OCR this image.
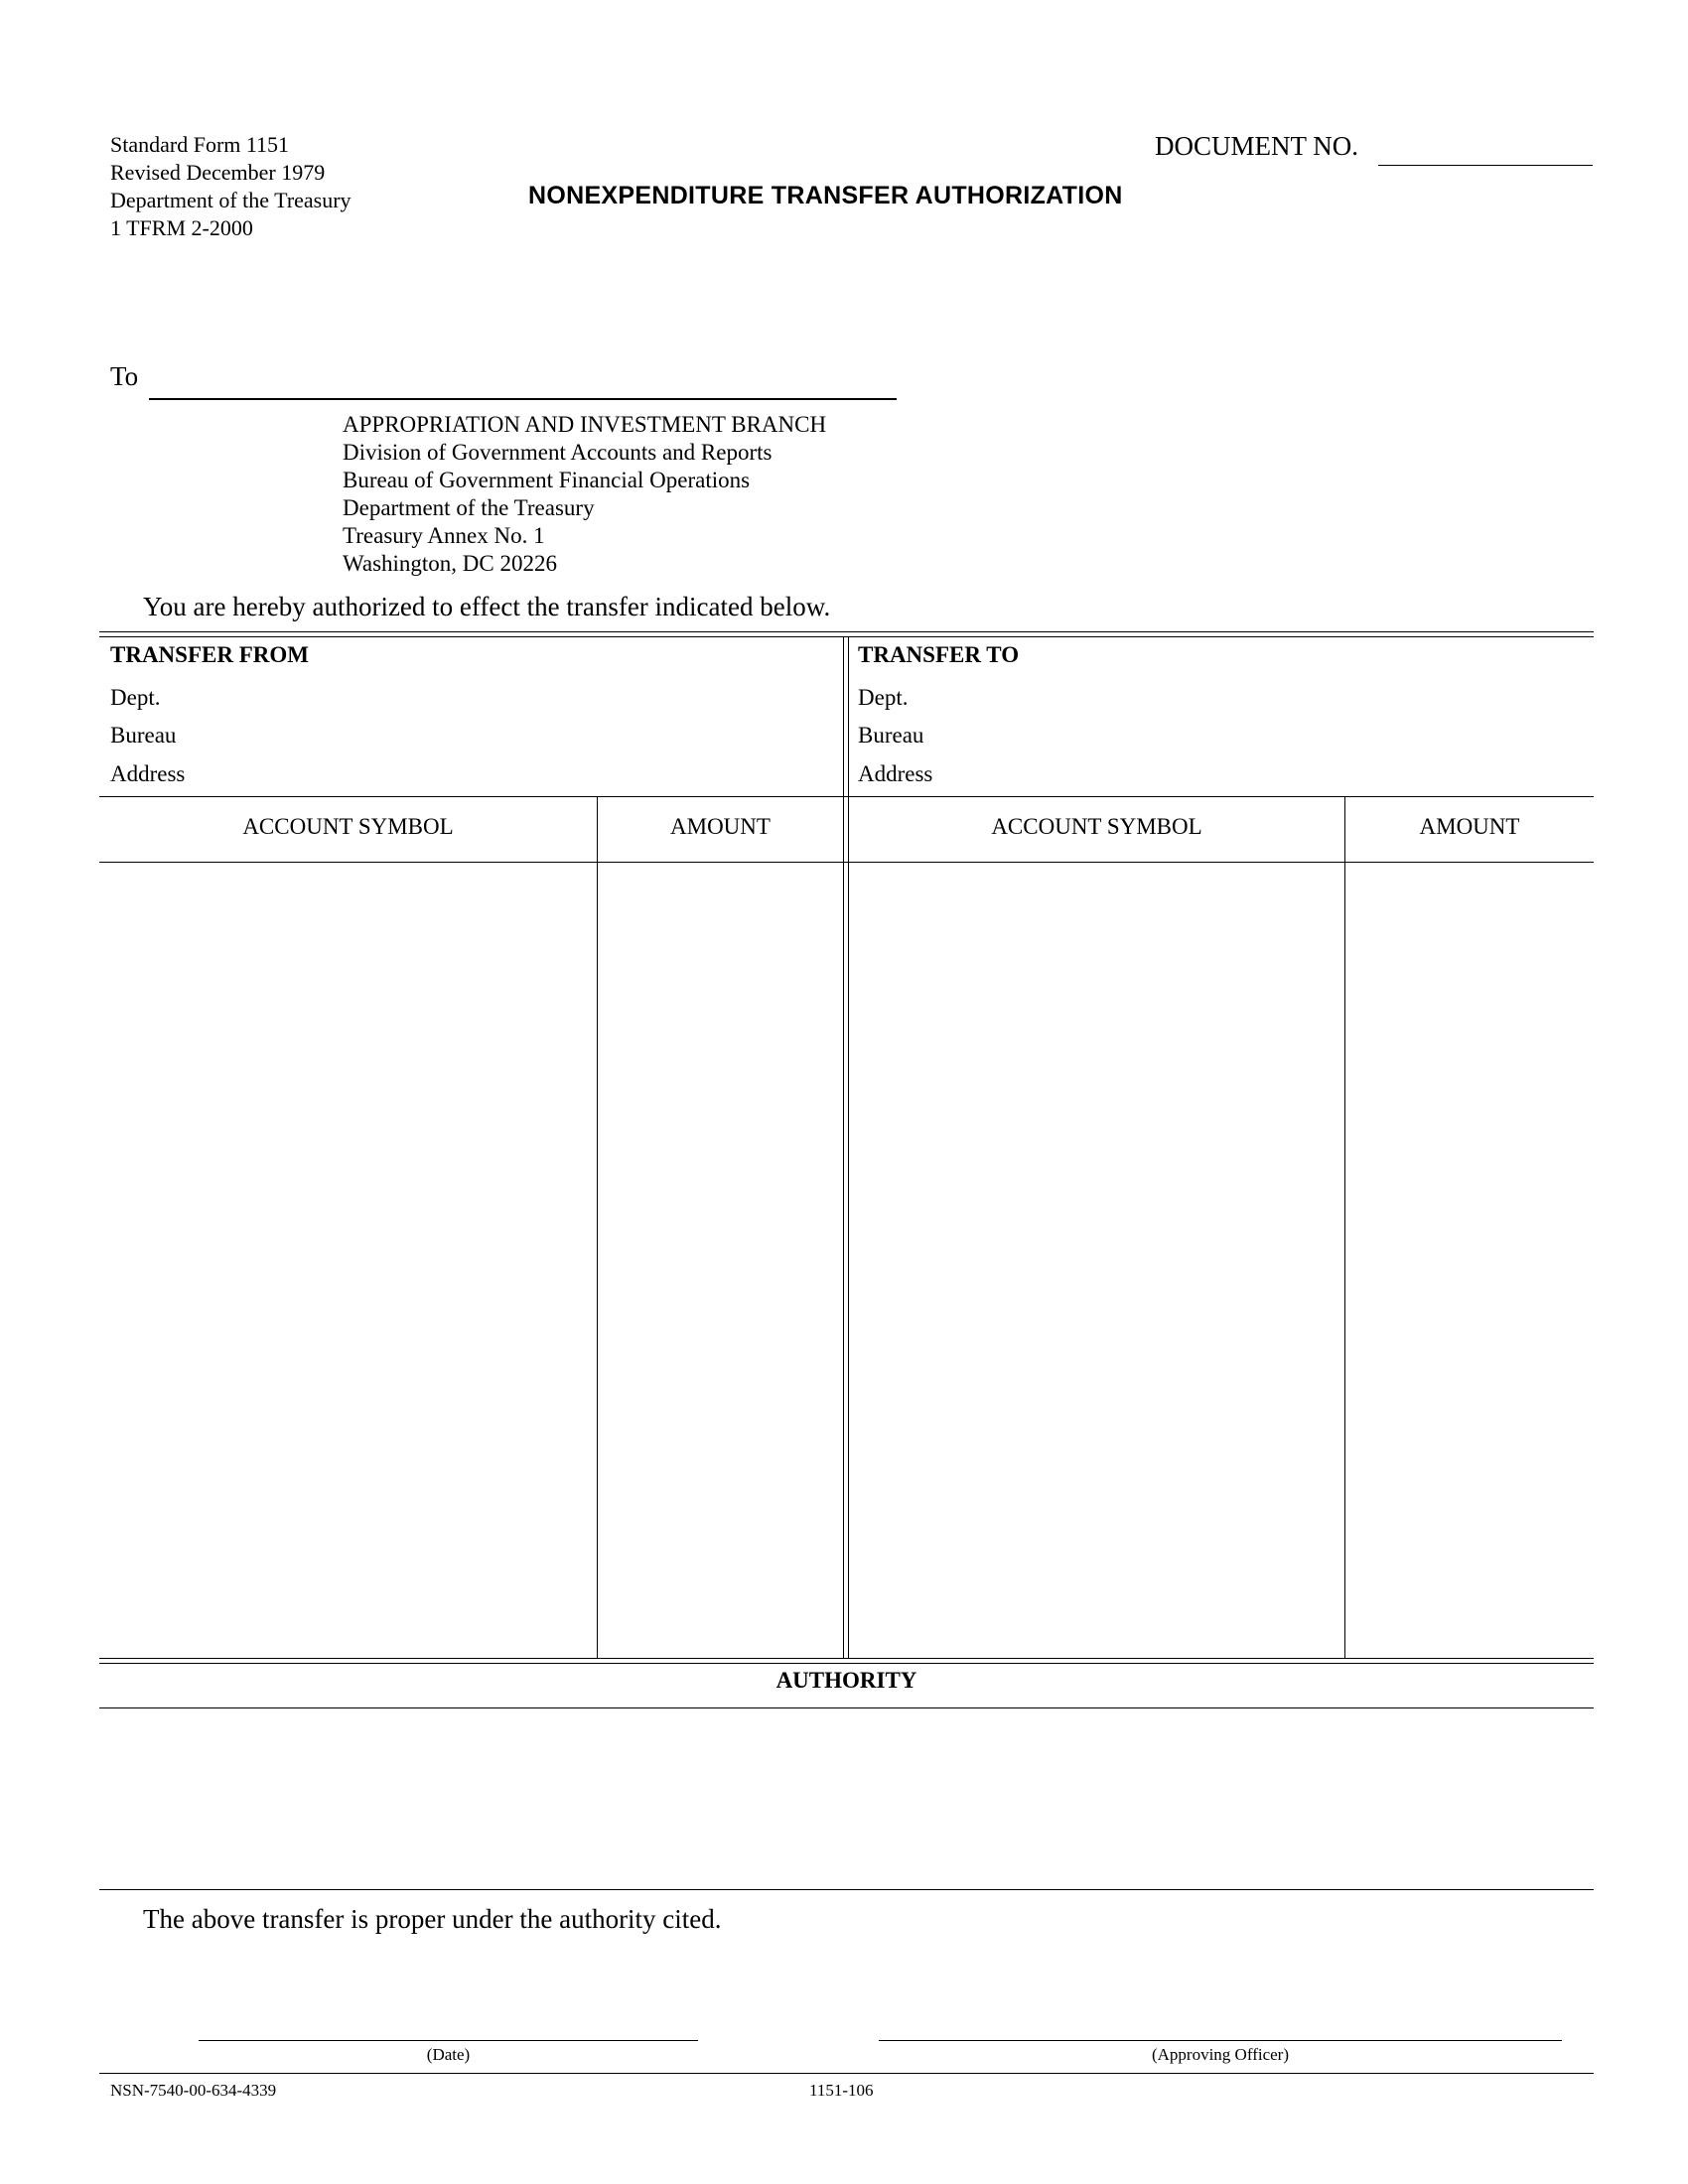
Standard Form 1151
Revised December 1979
Department of the Treasury
1 TFRM 2-2000
DOCUMENT NO.
NONEXPENDITURE TRANSFER AUTHORIZATION
To
APPROPRIATION AND INVESTMENT BRANCH
Division of Government Accounts and Reports
Bureau of Government Financial Operations
Department of the Treasury
Treasury Annex No. 1
Washington, DC 20226
You are hereby authorized to effect the transfer indicated below.
TRANSFER FROM
Dept.
Bureau
Address
TRANSFER TO
Dept.
Bureau
Address
ACCOUNT SYMBOL	AMOUNT	ACCOUNT SYMBOL	AMOUNT
AUTHORITY
The above transfer is proper under the authority cited.
(Date)	(Approving Officer)
NSN-7540-00-634-4339	1151-106
